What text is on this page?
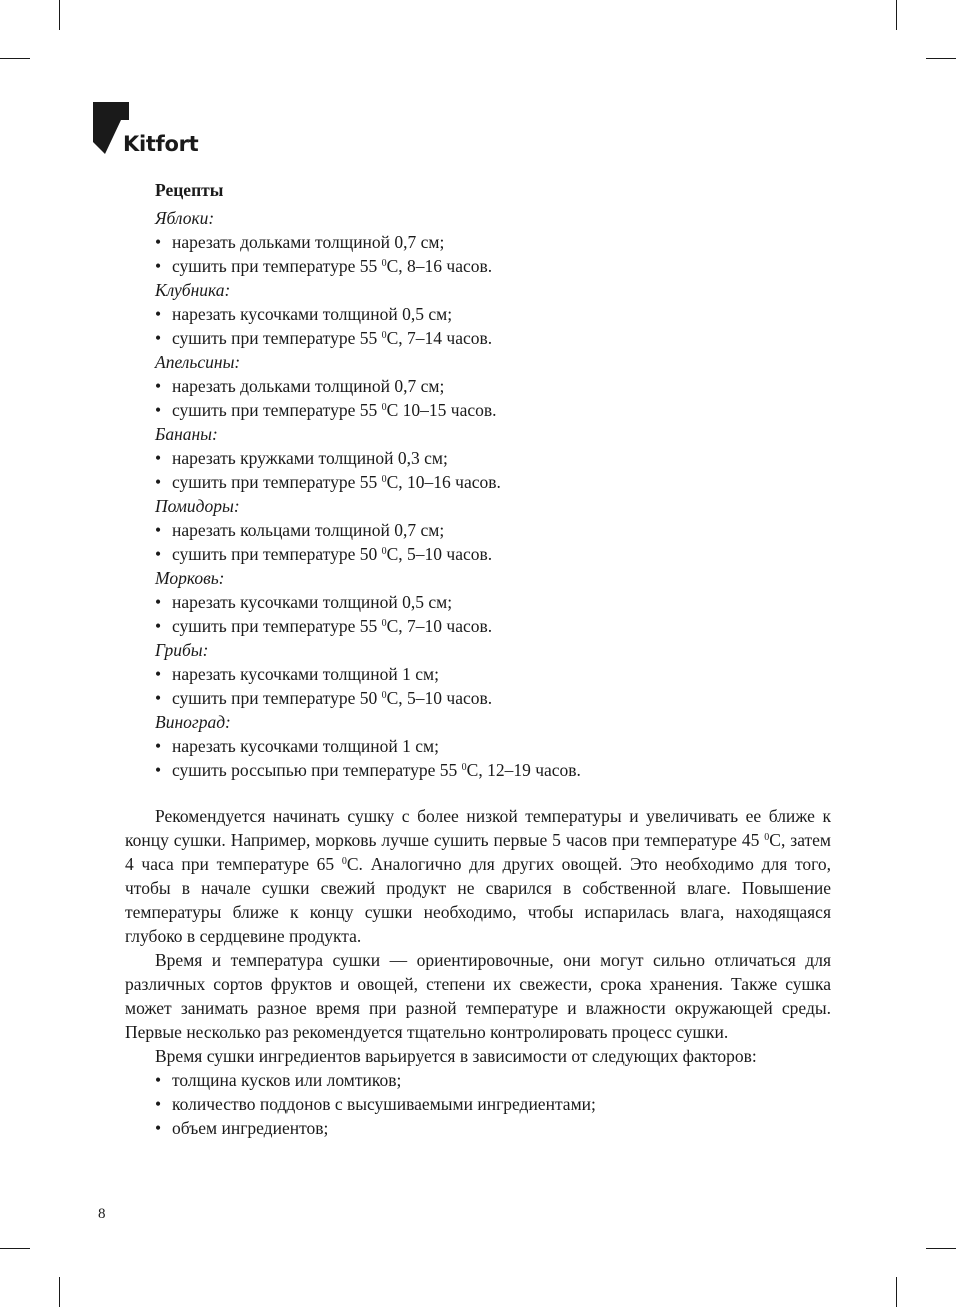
Kitfort
Рецепты
Яблоки:
• нарезать дольками толщиной 0,7 см;
• сушить при температуре 55 $^0$С, 8–16 часов.
Клубника:
• нарезать кусочками толщиной 0,5 см;
• сушить при температуре 55 $^0$С, 7–14 часов.
Апельсины:
• нарезать дольками толщиной 0,7 см;
• сушить при температуре 55 $^0$С 10–15 часов.
Бананы:
• нарезать кружками толщиной 0,3 см;
• сушить при температуре 55 $^0$С, 10–16 часов.
Помидоры:
• нарезать кольцами толщиной 0,7 см;
• сушить при температуре 50 $^0$С, 5–10 часов.
Морковь:
• нарезать кусочками толщиной 0,5 см;
• сушить при температуре 55 $^0$С, 7–10 часов.
Грибы:
• нарезать кусочками толщиной 1 см;
• сушить при температуре 50 $^0$С, 5–10 часов.
Виноград:
• нарезать кусочками толщиной 1 см;
• сушить россыпью при температуре 55 $^0$С, 12–19 часов.

Рекомендуется начинать сушку с более низкой температуры и увеличивать ее ближе к концу сушки. Например, морковь лучше сушить первые 5 часов при температуре 45 $^0$С, затем 4 часа при температуре 65 $^0$С. Аналогично для других овощей. Это необходимо для того, чтобы в начале сушки свежий продукт не сварился в собственной влаге. Повышение температуры ближе к концу сушки необходимо, чтобы испарилась влага, находящаяся глубоко в сердцевине продукта.

Время и температура сушки — ориентировочные, они могут сильно отличаться для различных сортов фруктов и овощей, степени их свежести, срока хранения. Также сушка может занимать разное время при разной температуре и влажности окружающей среды. Первые несколько раз рекомендуется тщательно контролировать процесс сушки.

Время сушки ингредиентов варьируется в зависимости от следующих факторов:

• толщина кусков или ломтиков;
• количество поддонов с высушиваемыми ингредиентами;
• объем ингредиентов;
8
